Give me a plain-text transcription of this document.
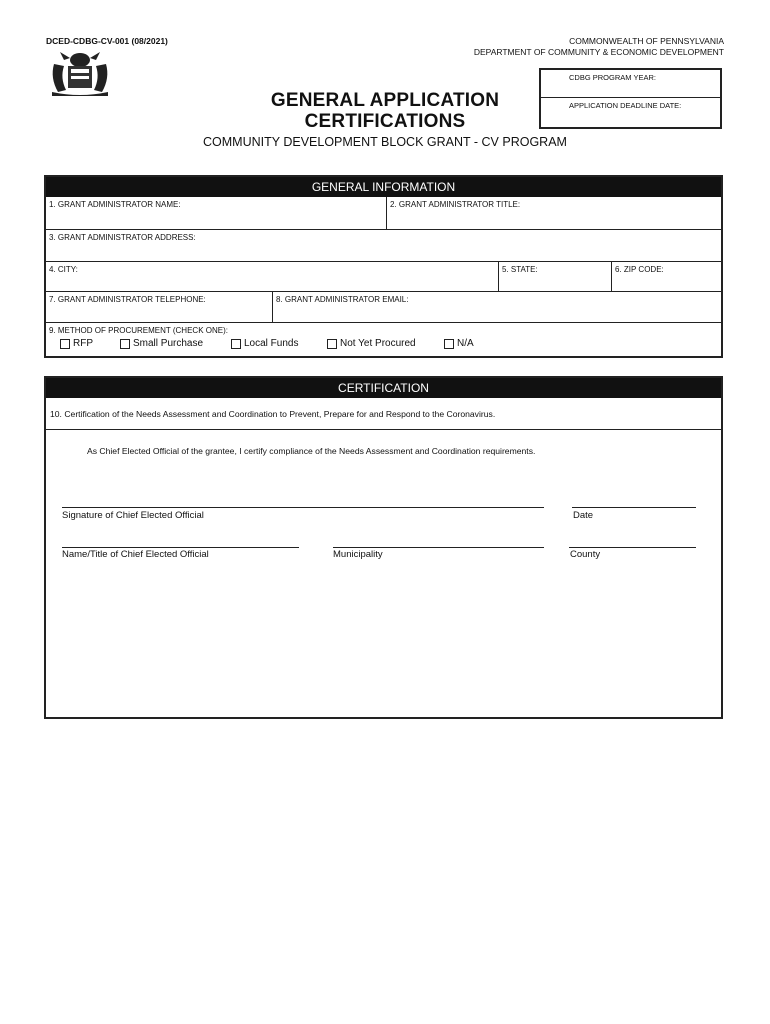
DCED-CDBG-CV-001 (08/2021)	COMMONWEALTH OF PENNSYLVANIA
DEPARTMENT OF COMMUNITY & ECONOMIC DEVELOPMENT
GENERAL APPLICATION
CERTIFICATIONS
CDBG PROGRAM YEAR:
APPLICATION DEADLINE DATE:
COMMUNITY DEVELOPMENT BLOCK GRANT - CV PROGRAM
GENERAL INFORMATION
1. GRANT ADMINISTRATOR NAME:	2. GRANT ADMINISTRATOR TITLE:
3. GRANT ADMINISTRATOR ADDRESS:
4. CITY:	5. STATE:	6. ZIP CODE:
7. GRANT ADMINISTRATOR TELEPHONE:	8. GRANT ADMINISTRATOR EMAIL:
9. METHOD OF PROCUREMENT (CHECK ONE):
RFP	Small Purchase	Local Funds	Not Yet Procured	N/A
CERTIFICATION
10. Certification of the Needs Assessment and Coordination to Prevent, Prepare for and Respond to the Coronavirus.
As Chief Elected Official of the grantee, I certify compliance of the Needs Assessment and Coordination requirements.
Signature of Chief Elected Official	Date
Name/Title of Chief Elected Official	Municipality	County
